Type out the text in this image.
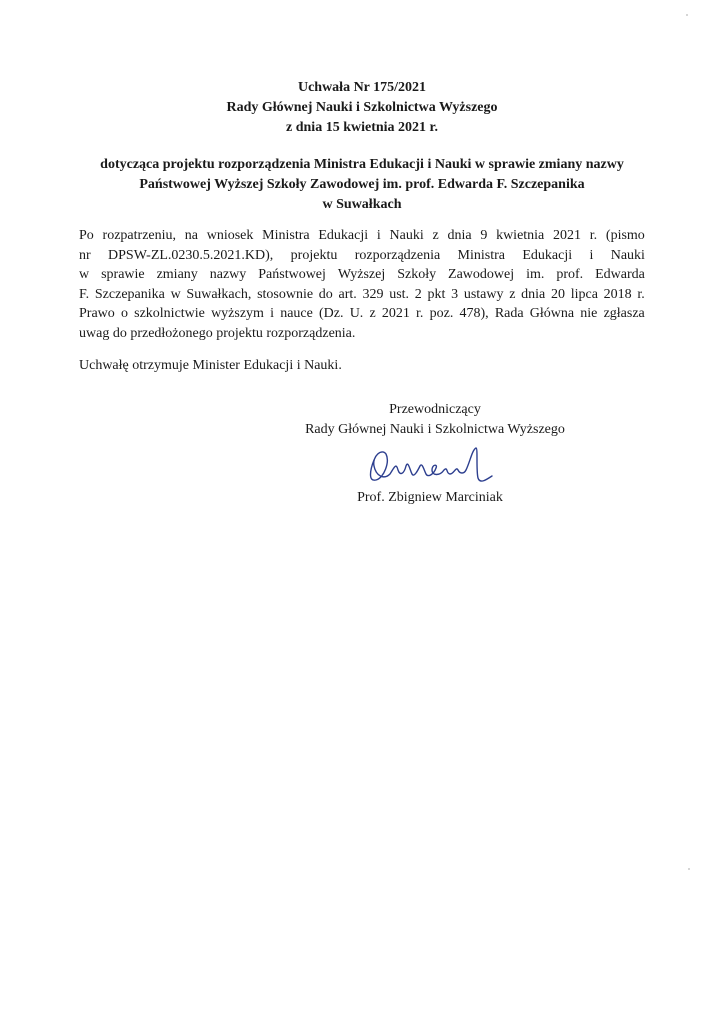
Uchwała Nr 175/2021
Rady Głównej Nauki i Szkolnictwa Wyższego
z dnia 15 kwietnia 2021 r.
dotycząca projektu rozporządzenia Ministra Edukacji i Nauki w sprawie zmiany nazwy
Państwowej Wyższej Szkoły Zawodowej im. prof. Edwarda F. Szczepanika
w Suwałkach
Po rozpatrzeniu, na wniosek Ministra Edukacji i Nauki z dnia 9 kwietnia 2021 r. (pismo
nr DPSW-ZL.0230.5.2021.KD), projektu rozporządzenia Ministra Edukacji i Nauki
w sprawie zmiany nazwy Państwowej Wyższej Szkoły Zawodowej im. prof. Edwarda
F. Szczepanika w Suwałkach, stosownie do art. 329 ust. 2 pkt 3 ustawy z dnia 20 lipca 2018 r.
Prawo o szkolnictwie wyższym i nauce (Dz. U. z 2021 r. poz. 478), Rada Główna nie zgłasza
uwag do przedłożonego projektu rozporządzenia.
Uchwałę otrzymuje Minister Edukacji i Nauki.
Przewodniczący
Rady Głównej Nauki i Szkolnictwa Wyższego
Prof. Zbigniew Marciniak
